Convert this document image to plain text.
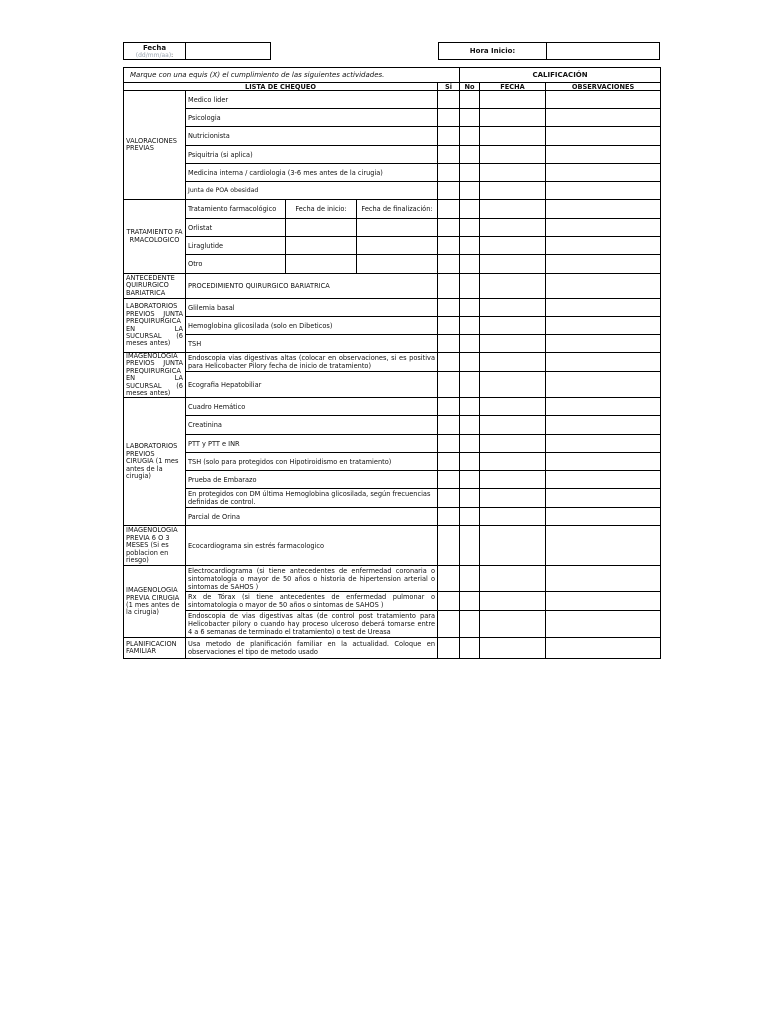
Fecha
(dd/mm/aa):
Hora Inicio:
Marque con una equis (X) el cumplimiento de las siguientes actividades.					CALIFICACIÓN		
LISTA DE CHEQUEO				Si	No	FECHA	OBSERVACIONES
VALORACIONES PREVIAS	Medico lider						
	Psicologia						
	Nutricionista						
	Psiquitria (si aplica)						
	Medicina interna / cardiologia (3-6 mes antes de la cirugia)						
	Junta de POA obesidad						
TRATAMIENTO FARMACOLOGICO	Tratamiento farmacológico	Fecha de inicio:	Fecha de finalización:				
	Orlistat						
	Liraglutide						
	Otro						
ANTECEDENTE QUIRURGICO BARIATRICA	PROCEDIMIENTO QUIRURGICO BARIATRICA						
LABORATORIOS PREVIOS JUNTA PREQUIRURGICA EN LA SUCURSAL (6 meses antes)	Glilemia basal						
	Hemoglobina glicosilada (solo en Dibeticos)						
	TSH						
IMAGENOLOGIA PREVIOS JUNTA PREQUIRURGICA EN LA SUCURSAL (6 meses antes)	Endoscopia vias digestivas altas (colocar en observaciones, si es positiva para Helicobacter Pilory fecha de inicio de tratamiento)						
	Ecografia Hepatobiliar						
LABORATORIOS PREVIOS CIRUGIA (1 mes antes de la cirugia)	Cuadro Hemático						
	Creatinina						
	PTT y PTT e INR						
	TSH (solo para protegidos con Hipotiroidismo en tratamiento)						
	Prueba de Embarazo						
	En protegidos con DM última Hemoglobina glicosilada, según frecuencias definidas de control.						
	Parcial de Orina						
IMAGENOLOGIA PREVIA 6 O 3 MESES (Si es poblacion en riesgo)	Ecocardiograma sin estrés farmacologico						
IMAGENOLOGIA PREVIA CIRUGIA (1 mes antes de la cirugia)	Electrocardiograma (si tiene antecedentes de enfermedad coronaria o sintomatologia o mayor de 50 años o historia de hipertension arterial o sintomas de SAHOS )						
	Rx de Tórax (si tiene antecedentes de enfermedad pulmonar o sintomatologia o mayor de 50 años o sintomas de SAHOS )						
	Endoscopia de vias digestivas altas (de control post tratamiento para Helicobacter pilory o cuando hay proceso ulceroso deberá tomarse entre 4 a 6 semanas de terminado el tratamiento) o test de Ureasa						
PLANIFICACION FAMILIAR	Usa metodo de planificación familiar en la actualidad. Coloque en observaciones el tipo de metodo usado						
